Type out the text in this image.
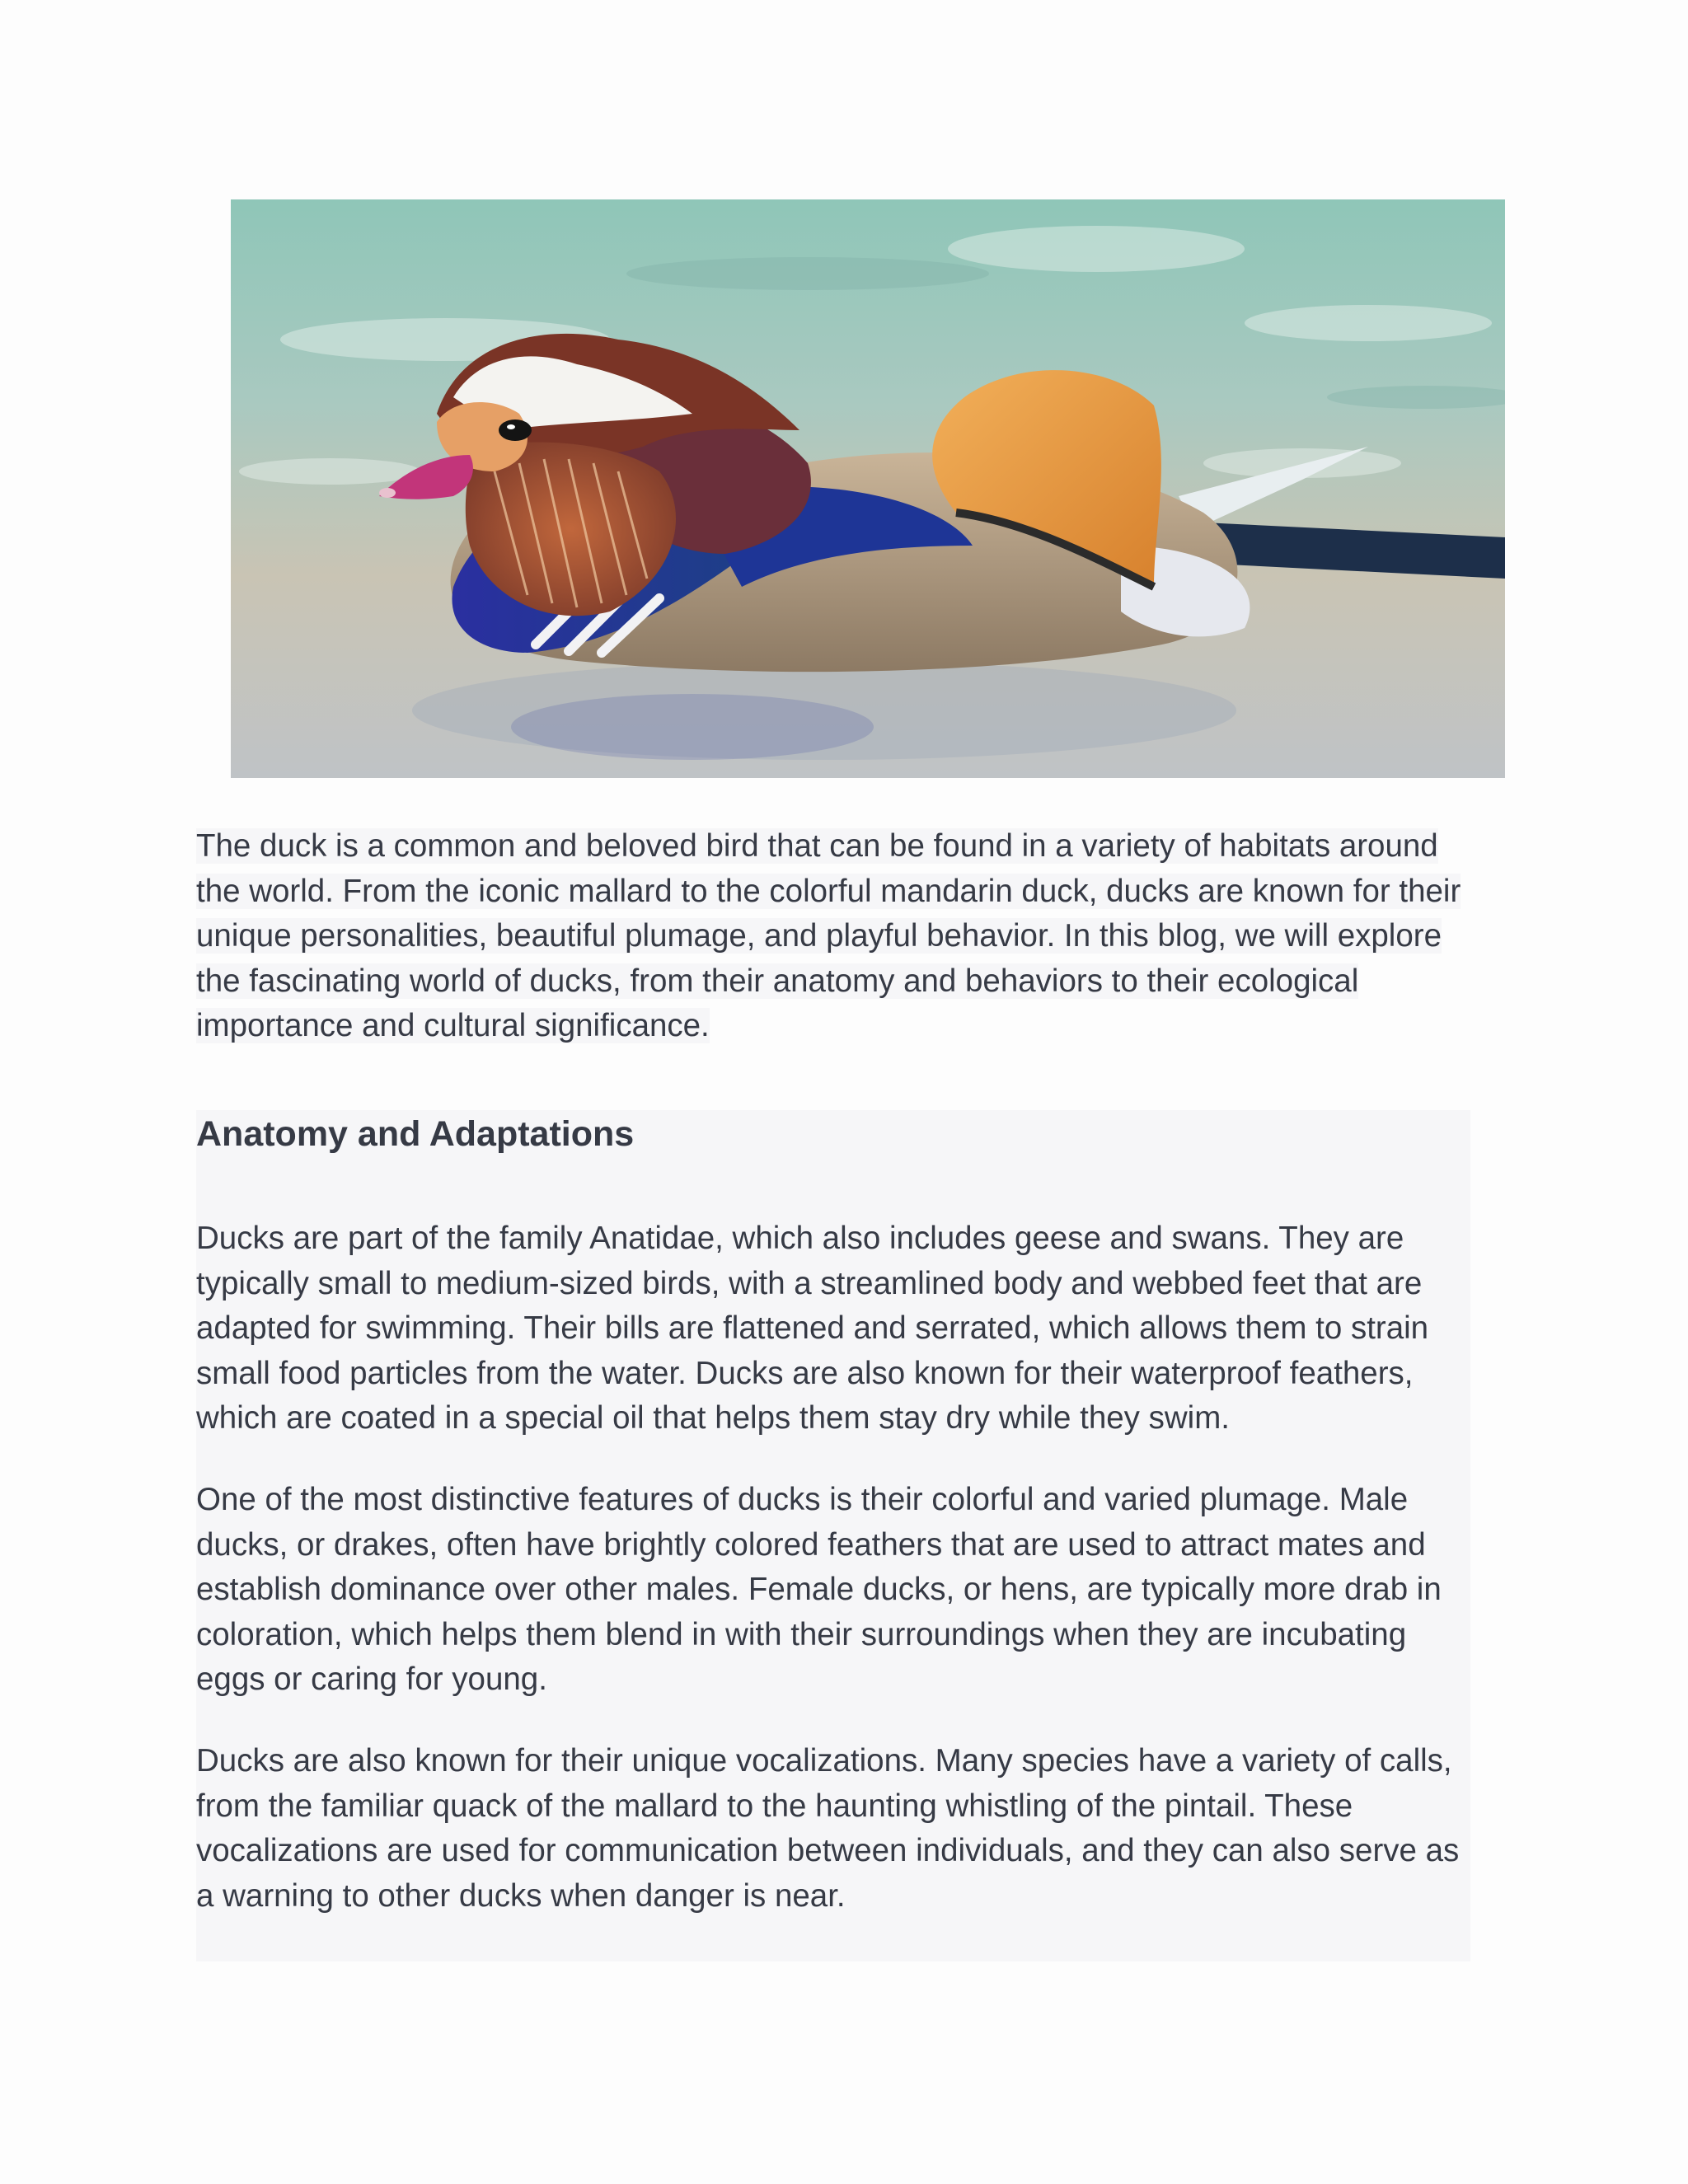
The duck is a common and beloved bird that can be found in a variety of habitats around the world. From the iconic mallard to the colorful mandarin duck, ducks are known for their unique personalities, beautiful plumage, and playful behavior. In this blog, we will explore the fascinating world of ducks, from their anatomy and behaviors to their ecological importance and cultural significance.

Anatomy and Adaptations

Ducks are part of the family Anatidae, which also includes geese and swans. They are typically small to medium-sized birds, with a streamlined body and webbed feet that are adapted for swimming. Their bills are flattened and serrated, which allows them to strain small food particles from the water. Ducks are also known for their waterproof feathers, which are coated in a special oil that helps them stay dry while they swim.

One of the most distinctive features of ducks is their colorful and varied plumage. Male ducks, or drakes, often have brightly colored feathers that are used to attract mates and establish dominance over other males. Female ducks, or hens, are typically more drab in coloration, which helps them blend in with their surroundings when they are incubating eggs or caring for young.

Ducks are also known for their unique vocalizations. Many species have a variety of calls, from the familiar quack of the mallard to the haunting whistling of the pintail. These vocalizations are used for communication between individuals, and they can also serve as a warning to other ducks when danger is near.
